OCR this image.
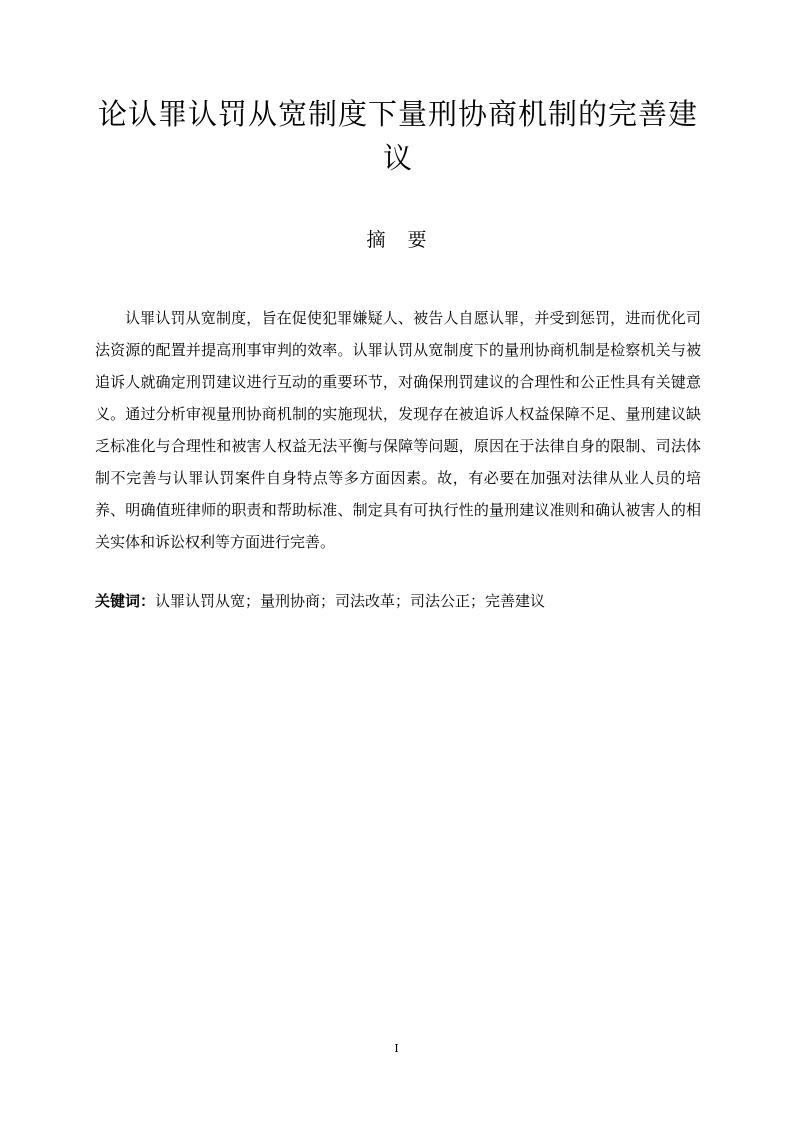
论认罪认罚从宽制度下量刑协商机制的完善建议
摘 要

认罪认罚从宽制度，旨在促使犯罪嫌疑人、被告人自愿认罪，并受到惩罚，进而优化司法资源的配置并提高刑事审判的效率。认罪认罚从宽制度下的量刑协商机制是检察机关与被追诉人就确定刑罚建议进行互动的重要环节，对确保刑罚建议的合理性和公正性具有关键意义。通过分析审视量刑协商机制的实施现状，发现存在被追诉人权益保障不足、量刑建议缺乏标准化与合理性和被害人权益无法平衡与保障等问题，原因在于法律自身的限制、司法体制不完善与认罪认罚案件自身特点等多方面因素。故，有必要在加强对法律从业人员的培养、明确值班律师的职责和帮助标准、制定具有可执行性的量刑建议准则和确认被害人的相关实体和诉讼权利等方面进行完善。

关键词：认罪认罚从宽；量刑协商；司法改革；司法公正；完善建议

I
